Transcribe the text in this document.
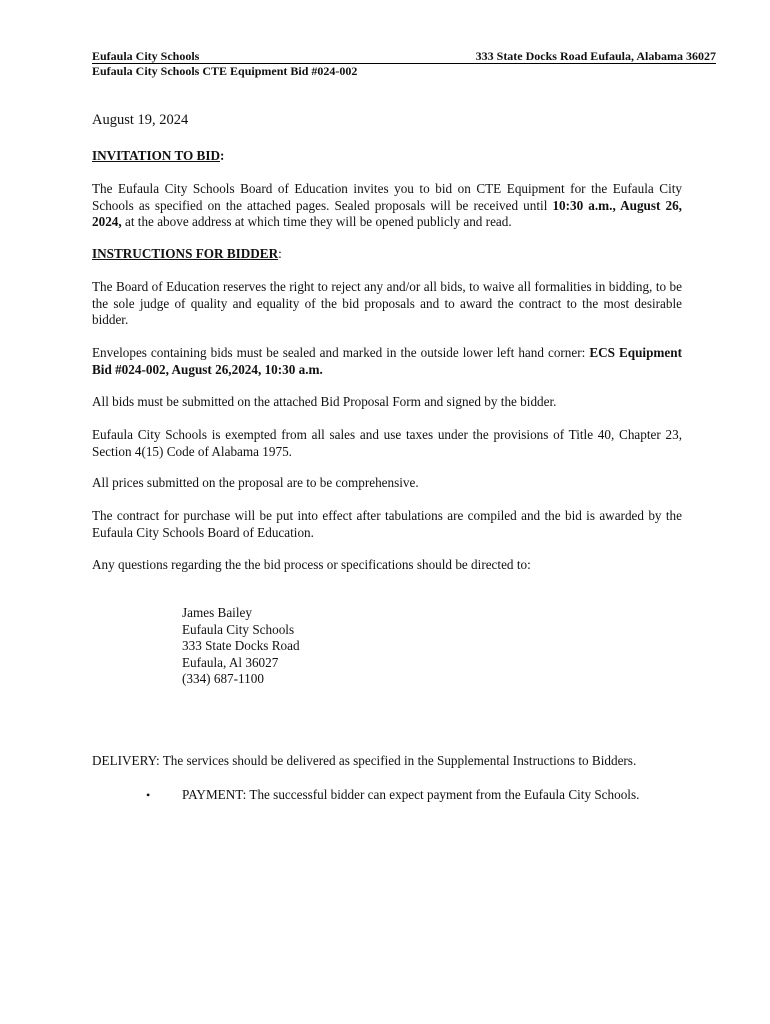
Eufaula City Schools	333 State Docks Road Eufaula, Alabama 36027
Eufaula City Schools CTE Equipment Bid #024-002
August 19, 2024
INVITATION TO BID:
The Eufaula City Schools Board of Education invites you to bid on CTE Equipment for the Eufaula City Schools as specified on the attached pages. Sealed proposals will be received until 10:30 a.m., August 26, 2024, at the above address at which time they will be opened publicly and read.
INSTRUCTIONS FOR BIDDER:
The Board of Education reserves the right to reject any and/or all bids, to waive all formalities in bidding, to be the sole judge of quality and equality of the bid proposals and to award the contract to the most desirable bidder.
Envelopes containing bids must be sealed and marked in the outside lower left hand corner: ECS Equipment Bid #024-002, August 26,2024, 10:30 a.m.
All bids must be submitted on the attached Bid Proposal Form and signed by the bidder.
Eufaula City Schools is exempted from all sales and use taxes under the provisions of Title 40, Chapter 23, Section 4(15) Code of Alabama 1975.
All prices submitted on the proposal are to be comprehensive.
The contract for purchase will be put into effect after tabulations are compiled and the bid is awarded by the Eufaula City Schools Board of Education.
Any questions regarding the the bid process or specifications should be directed to:
James Bailey
Eufaula City Schools
333 State Docks Road
Eufaula, Al 36027
(334) 687-1100
DELIVERY: The services should be delivered as specified in the Supplemental Instructions to Bidders.
• PAYMENT: The successful bidder can expect payment from the Eufaula City Schools.
